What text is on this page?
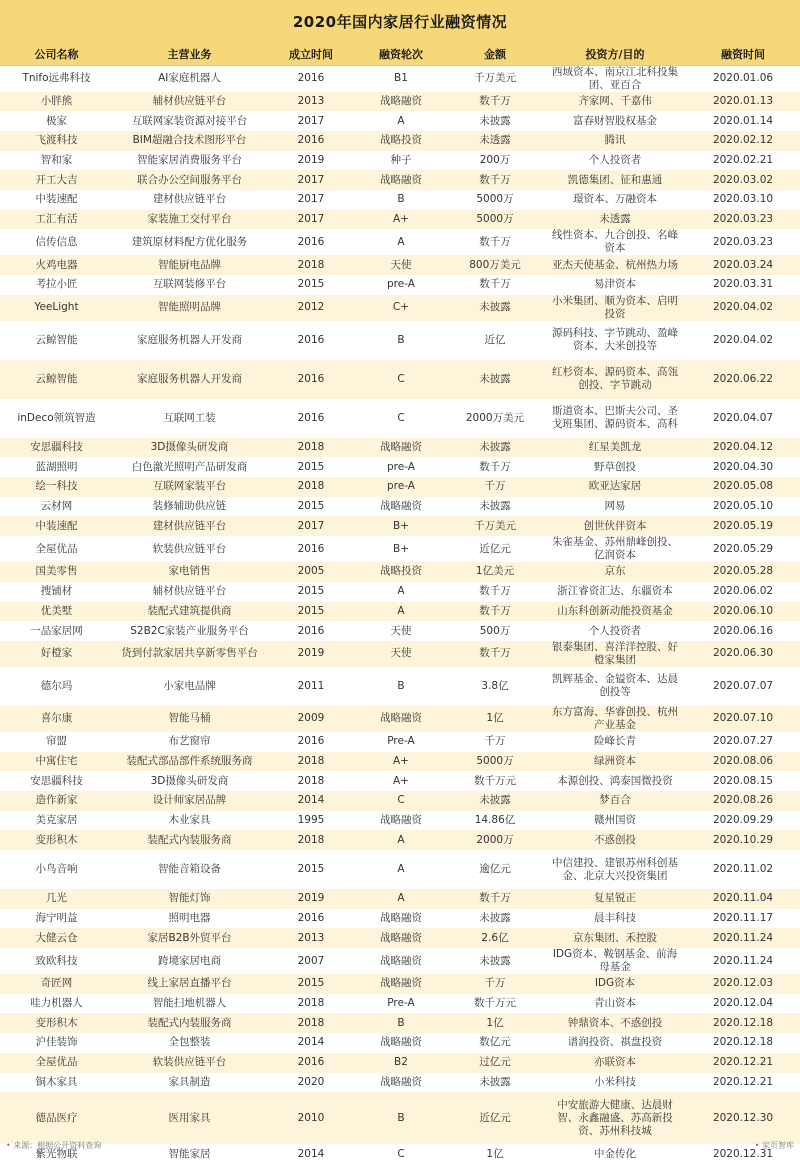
2020年国内家居行业融资情况
公司名称	主营业务	成立时间	融资轮次	金额	投资方/目的	融资时间
Tnifo远弗科技	AI家庭机器人	2016	B1	千万美元	西域资本、南京江北科投集团、亚百合	2020.01.06
小胖熊	辅材供应链平台	2013	战略融资	数千万	齐家网、千嘉伟	2020.01.13
极家	互联网家装资源对接平台	2017	A	未披露	富春财智股权基金	2020.01.14
飞渡科技	BIM超融合技术图形平台	2016	战略投资	未透露	腾讯	2020.02.12
智和家	智能家居消费服务平台	2019	种子	200万	个人投资者	2020.02.21
开工大吉	联合办公空间服务平台	2017	战略融资	数千万	凯德集团、征和惠通	2020.03.02
中装速配	建材供应链平台	2017	B	5000万	璟资本、万融资本	2020.03.10
工汇有活	家装施工交付平台	2017	A+	5000万	未透露	2020.03.23
信传信息	建筑原材料配方优化服务	2016	A	数千万	线性资本、九合创投、名峰资本	2020.03.23
火鸡电器	智能厨电品牌	2018	天使	800万美元	亚杰天使基金、杭州热力场	2020.03.24
考拉小匠	互联网装修平台	2015	pre-A	数千万	易津资本	2020.03.31
YeeLight	智能照明品牌	2012	C+	未披露	小米集团、顺为资本、启明投资	2020.04.02
云鲸智能	家庭服务机器人开发商	2016	B	近亿	源码科技、字节跳动、盈峰资本、大米创投等	2020.04.02
云鲸智能	家庭服务机器人开发商	2016	C	未披露	红杉资本、源码资本、高瓴创投、字节跳动	2020.06.22
inDeco领筑智造	互联网工装	2016	C	2000万美元	斯道资本、巴斯夫公司、圣戈班集团、源码资本、高科	2020.04.07
安思疆科技	3D摄像头研发商	2018	战略融资	未披露	红星美凯龙	2020.04.12
蓝湖照明	白色激光照明产品研发商	2015	pre-A	数千万	野草创投	2020.04.30
绘一科技	互联网家装平台	2018	pre-A	千万	欧亚达家居	2020.05.08
云材网	装修辅助供应链	2015	战略融资	未披露	网易	2020.05.10
中装速配	建材供应链平台	2017	B+	千万美元	创世伙伴资本	2020.05.19
全屋优品	软装供应链平台	2016	B+	近亿元	朱雀基金、苏州鼎峰创投、亿润资本	2020.05.29
国美零售	家电销售	2005	战略投资	1亿美元	京东	2020.05.28
搜铺材	辅材供应链平台	2015	A	数千万	浙江睿资汇达、东疆资本	2020.06.02
优美墅	装配式建筑提供商	2015	A	数千万	山东科创新动能投资基金	2020.06.10
一品家居网	S2B2C家装产业服务平台	2016	天使	500万	个人投资者	2020.06.16
好橙家	货到付款家居共享新零售平台	2019	天使	数千万	银泰集团、喜洋洋控股、好橙家集团	2020.06.30
德尔玛	小家电品牌	2011	B	3.8亿	凯辉基金、金镒资本、达晨创投等	2020.07.07
喜尔康	智能马桶	2009	战略融资	1亿	东方富海、华睿创投、杭州产业基金	2020.07.10
帘盟	布艺窗帘	2016	Pre-A	千万	险峰长青	2020.07.27
中寓住宅	装配式部品部件系统服务商	2018	A+	5000万	绿洲资本	2020.08.06
安思疆科技	3D摄像头研发商	2018	A+	数千万元	本源创投、鸿泰国微投资	2020.08.15
造作新家	设计师家居品牌	2014	C	未披露	梦百合	2020.08.26
美克家居	木业家具	1995	战略融资	14.86亿	赣州国资	2020.09.29
变形积木	装配式内装服务商	2018	A	2000万	不惑创投	2020.10.29
小鸟音响	智能音箱设备	2015	A	逾亿元	中信建投、建银苏州科创基金、北京大兴投资集团	2020.11.02
几光	智能灯饰	2019	A	数千万	复星锐正	2020.11.04
海宁明益	照明电器	2016	战略融资	未披露	晨丰科技	2020.11.17
大健云仓	家居B2B外贸平台	2013	战略融资	2.6亿	京东集团、禾控股	2020.11.24
致欧科技	跨境家居电商	2007	战略融资	未披露	IDG资本、鞍钢基金、前海母基金	2020.11.24
奇匠网	线上家居直播平台	2015	战略融资	千万	IDG资本	2020.12.03
哇力机器人	智能扫地机器人	2018	Pre-A	数千万元	青山资本	2020.12.04
变形积木	装配式内装服务商	2018	B	1亿	钟鼎资本、不惑创投	2020.12.18
沪佳装饰	全包整装	2014	战略融资	数亿元	谱润投资、祺盘投资	2020.12.18
全屋优品	软装供应链平台	2016	B2	过亿元	亦联资本	2020.12.21
铜木家具	家具制造	2020	战略融资	未披露	小米科技	2020.12.21
德品医疗	医用家具	2010	B	近亿元	中安旅游大健康、达晨财智、永鑫融盛、苏高新投资、苏州科技城	2020.12.30
紫光物联	智能家居	2014	C	1亿	中金传化	2020.12.31
• 来源：根据公开资料查询	• 家页智库
